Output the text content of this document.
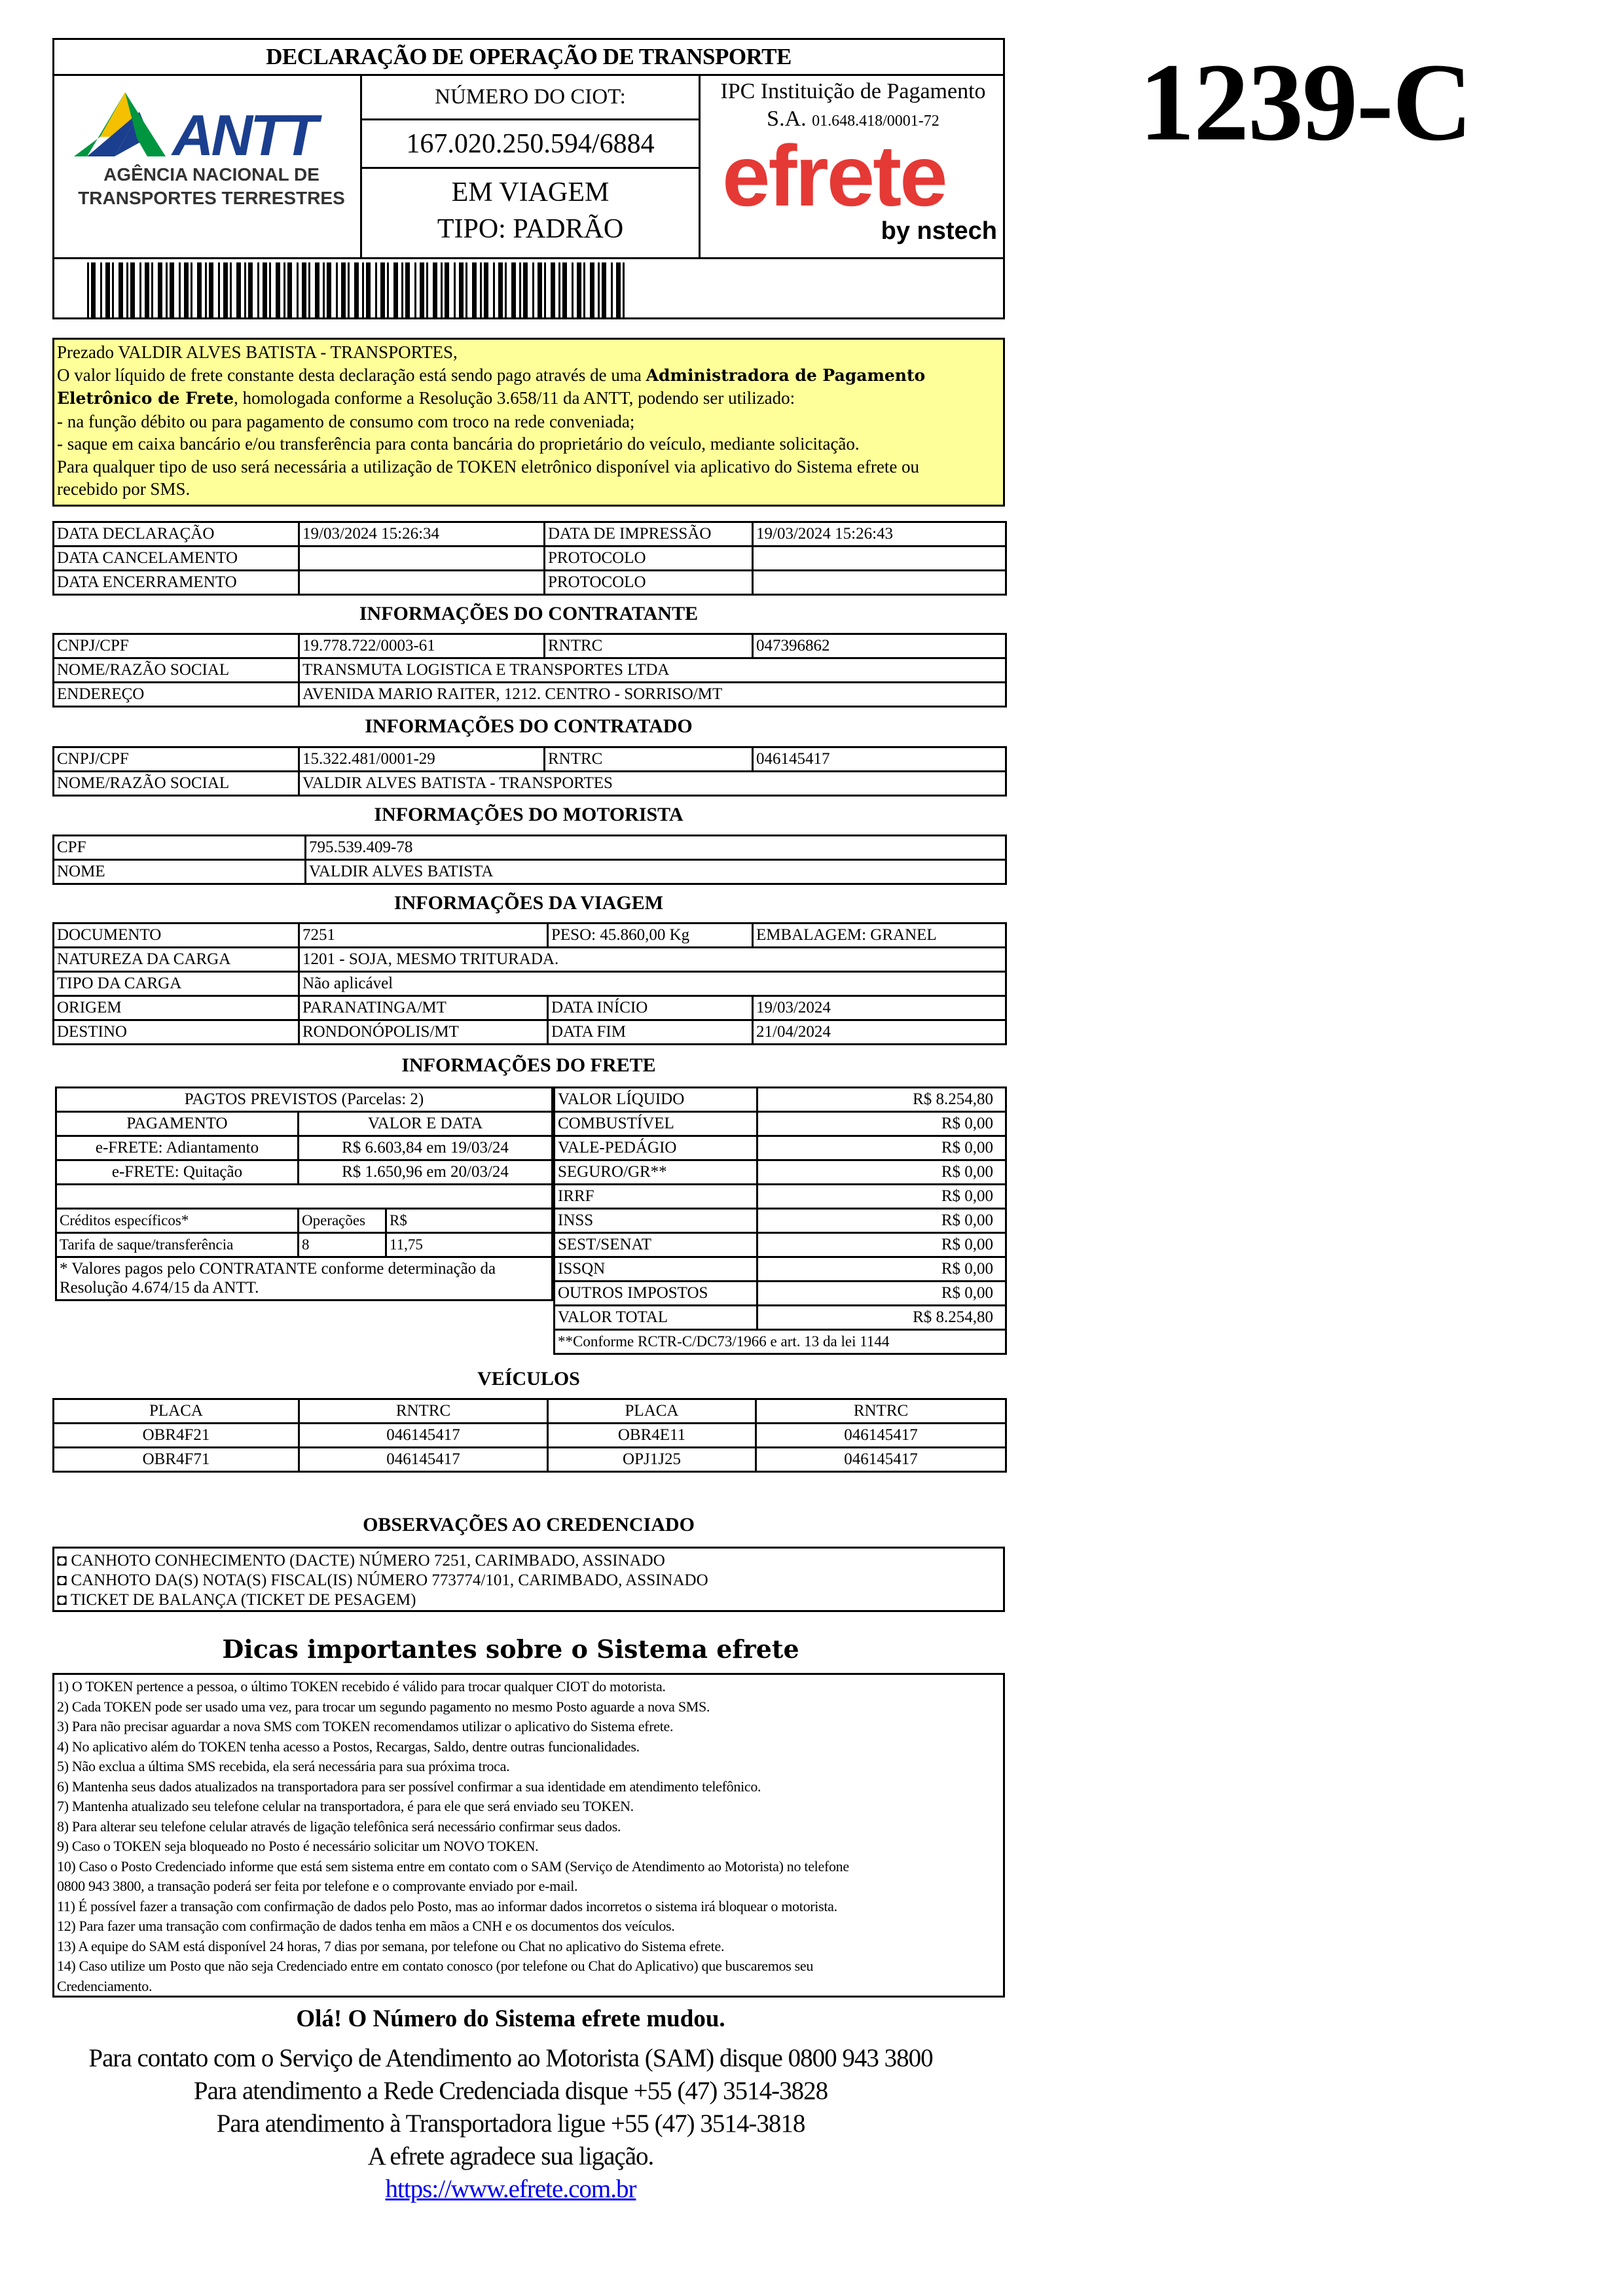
DECLARAÇÃO DE OPERAÇÃO DE TRANSPORTE
ANTT
AGÊNCIA NACIONAL DE
TRANSPORTES TERRESTRES
NÚMERO DO CIOT:
167.020.250.594/6884
EM VIAGEM
TIPO: PADRÃO
IPC Instituição de Pagamento
S.A. 01.648.418/0001-72
efrete
by nstech
1239-C
Prezado VALDIR ALVES BATISTA - TRANSPORTES,
O valor líquido de frete constante desta declaração está sendo pago através de uma Administradora de Pagamento
Eletrônico de Frete, homologada conforme a Resolução 3.658/11 da ANTT, podendo ser utilizado:
- na função débito ou para pagamento de consumo com troco na rede conveniada;
- saque em caixa bancário e/ou transferência para conta bancária do proprietário do veículo, mediante solicitação.
Para qualquer tipo de uso será necessária a utilização de TOKEN eletrônico disponível via aplicativo do Sistema efrete ou
recebido por SMS.
DATA DECLARAÇÃO	19/03/2024 15:26:34	DATA DE IMPRESSÃO	19/03/2024 15:26:43
DATA CANCELAMENTO		PROTOCOLO	
DATA ENCERRAMENTO		PROTOCOLO	
INFORMAÇÕES DO CONTRATANTE
CNPJ/CPF	19.778.722/0003-61	RNTRC	047396862
NOME/RAZÃO SOCIAL	TRANSMUTA LOGISTICA E TRANSPORTES LTDA		
ENDEREÇO	AVENIDA MARIO RAITER, 1212. CENTRO - SORRISO/MT		
INFORMAÇÕES DO CONTRATADO
CNPJ/CPF	15.322.481/0001-29	RNTRC	046145417
NOME/RAZÃO SOCIAL	VALDIR ALVES BATISTA - TRANSPORTES		
INFORMAÇÕES DO MOTORISTA
CPF	795.539.409-78
NOME	VALDIR ALVES BATISTA
INFORMAÇÕES DA VIAGEM
DOCUMENTO	7251	PESO: 45.860,00 Kg	EMBALAGEM: GRANEL
NATUREZA DA CARGA	1201 - SOJA, MESMO TRITURADA.		
TIPO DA CARGA	Não aplicável		
ORIGEM	PARANATINGA/MT	DATA INÍCIO	19/03/2024
DESTINO	RONDONÓPOLIS/MT	DATA FIM	21/04/2024
INFORMAÇÕES DO FRETE
PAGTOS PREVISTOS (Parcelas: 2)		
PAGAMENTO	VALOR E DATA	
e-FRETE: Adiantamento	R$ 6.603,84 em 19/03/24	
e-FRETE: Quitação	R$ 1.650,96 em 20/03/24	

Créditos específicos*	Operações	R$
Tarifa de saque/transferência	8	11,75

* Valores pagos pelo CONTRATANTE conforme determinação da
Resolução 4.674/15 da ANTT.		
VALOR LÍQUIDO	R$ 8.254,80
COMBUSTÍVEL	R$ 0,00
VALE-PEDÁGIO	R$ 0,00
SEGURO/GR**	R$ 0,00
IRRF	R$ 0,00
INSS	R$ 0,00
SEST/SENAT	R$ 0,00
ISSQN	R$ 0,00
OUTROS IMPOSTOS	R$ 0,00
VALOR TOTAL	R$ 8.254,80
**Conforme RCTR-C/DC73/1966 e art. 13 da lei 1144	
VEÍCULOS
PLACA	RNTRC	PLACA	RNTRC
OBR4F21	046145417	OBR4E11	046145417
OBR4F71	046145417	OPJ1J25	046145417
OBSERVAÇÕES AO CREDENCIADO
◘ CANHOTO CONHECIMENTO (DACTE) NÚMERO 7251, CARIMBADO, ASSINADO
◘ CANHOTO DA(S) NOTA(S) FISCAL(IS) NÚMERO 773774/101, CARIMBADO, ASSINADO
◘ TICKET DE BALANÇA (TICKET DE PESAGEM)
Dicas importantes sobre o Sistema efrete
1) O TOKEN pertence a pessoa, o último TOKEN recebido é válido para trocar qualquer CIOT do motorista.
2) Cada TOKEN pode ser usado uma vez, para trocar um segundo pagamento no mesmo Posto aguarde a nova SMS.
3) Para não precisar aguardar a nova SMS com TOKEN recomendamos utilizar o aplicativo do Sistema efrete.
4) No aplicativo além do TOKEN tenha acesso a Postos, Recargas, Saldo, dentre outras funcionalidades.
5) Não exclua a última SMS recebida, ela será necessária para sua próxima troca.
6) Mantenha seus dados atualizados na transportadora para ser possível confirmar a sua identidade em atendimento telefônico.
7) Mantenha atualizado seu telefone celular na transportadora, é para ele que será enviado seu TOKEN.
8) Para alterar seu telefone celular através de ligação telefônica será necessário confirmar seus dados.
9) Caso o TOKEN seja bloqueado no Posto é necessário solicitar um NOVO TOKEN.
10) Caso o Posto Credenciado informe que está sem sistema entre em contato com o SAM (Serviço de Atendimento ao Motorista) no telefone
0800 943 3800, a transação poderá ser feita por telefone e o comprovante enviado por e-mail.
11) É possível fazer a transação com confirmação de dados pelo Posto, mas ao informar dados incorretos o sistema irá bloquear o motorista.
12) Para fazer uma transação com confirmação de dados tenha em mãos a CNH e os documentos dos veículos.
13) A equipe do SAM está disponível 24 horas, 7 dias por semana, por telefone ou Chat no aplicativo do Sistema efrete.
14) Caso utilize um Posto que não seja Credenciado entre em contato conosco (por telefone ou Chat do Aplicativo) que buscaremos seu
Credenciamento.
Olá! O Número do Sistema efrete mudou.
Para contato com o Serviço de Atendimento ao Motorista (SAM) disque 0800 943 3800
Para atendimento a Rede Credenciada disque +55 (47) 3514-3828
Para atendimento à Transportadora ligue +55 (47) 3514-3818
A efrete agradece sua ligação.
https://www.efrete.com.br
